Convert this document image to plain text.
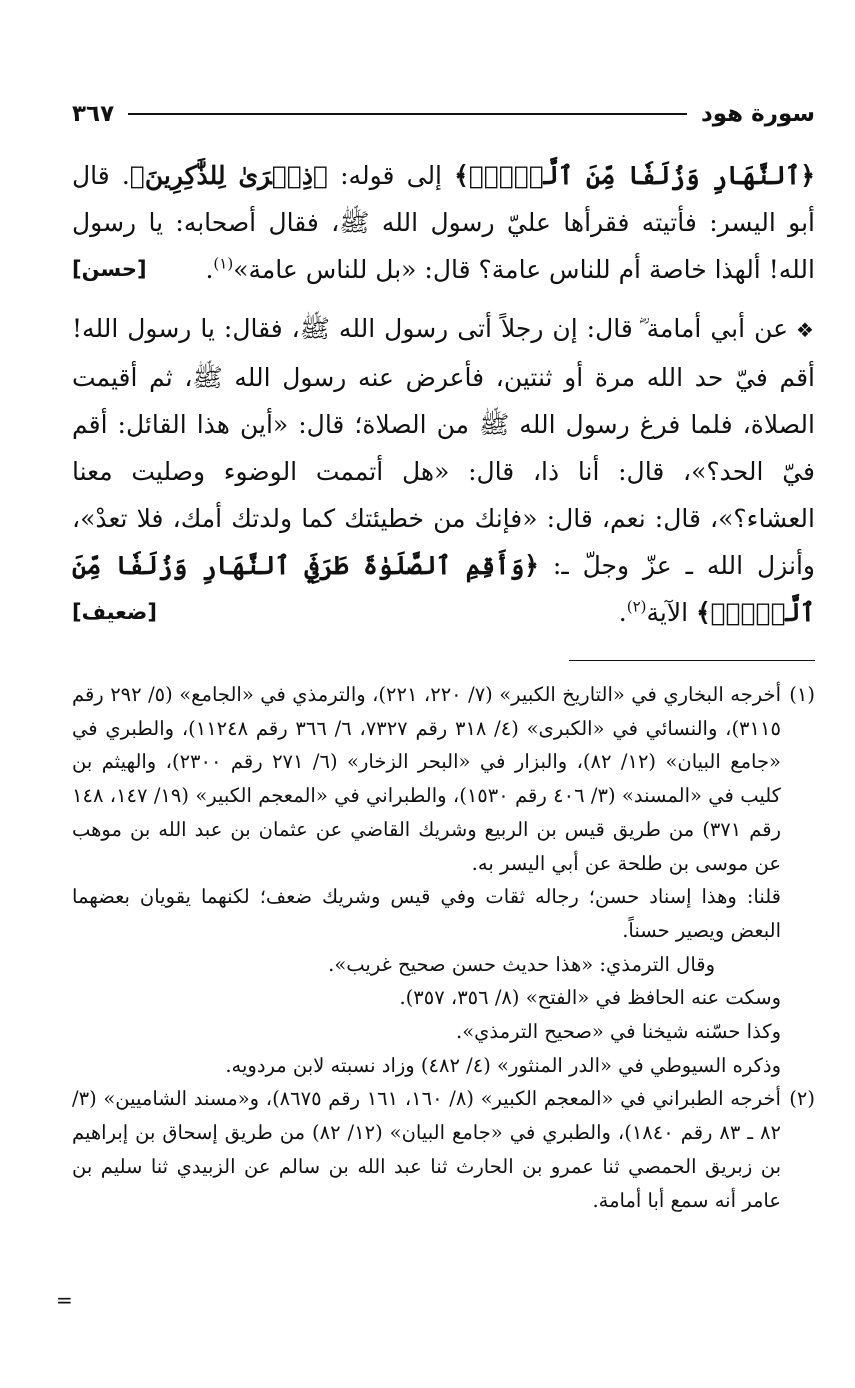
سورة هود
٣٦٧

﴿ٱلنَّهَارِ وَزُلَفٗا مِّنَ ٱلَّيۡلِۚ﴾ إلى قوله: ﴿ذِكۡرَىٰ لِلذَّٰكِرِينَ﴾. قال أبو اليسر: فأتيته فقرأها عليّ رسول الله ﷺ، فقال أصحابه: يا رسول الله! ألهذا خاصة أم للناس عامة؟ قال: «بل للناس عامة»$^{(١)}$.
[حسن]

❖عن أبي أمامة ؓ قال: إن رجلاً أتى رسول الله ﷺ، فقال: يا رسول الله! أقم فيّ حد الله مرة أو ثنتين، فأعرض عنه رسول الله ﷺ، ثم أقيمت الصلاة، فلما فرغ رسول الله ﷺ من الصلاة؛ قال: «أين هذا القائل: أقم فيّ الحد؟»، قال: أنا ذا، قال: «هل أتممت الوضوء وصليت معنا العشاء؟»، قال: نعم، قال: «فإنك من خطيئتك كما ولدتك أمك، فلا تعدْ»، وأنزل الله ـ عزّ وجلّ ـ: ﴿وَأَقِمِ ٱلصَّلَوٰةَ طَرَفَيِ ٱلنَّهَارِ وَزُلَفٗا مِّنَ ٱلَّيۡلِۚ﴾ الآية$^{(٢)}$.
[ضعيف]

(١)

أخرجه البخاري في «التاريخ الكبير» (٧/ ٢٢٠، ٢٢١)، والترمذي في «الجامع» (٥/ ٢٩٢ رقم ٣١١٥)، والنسائي في «الكبرى» (٤/ ٣١٨ رقم ٧٣٢٧، ٦/ ٣٦٦ رقم ١١٢٤٨)، والطبري في «جامع البيان» (١٢/ ٨٢)، والبزار في «البحر الزخار» (٦/ ٢٧١ رقم ٢٣٠٠)، والهيثم بن كليب في «المسند» (٣/ ٤٠٦ رقم ١٥٣٠)، والطبراني في «المعجم الكبير» (١٩/ ١٤٧، ١٤٨ رقم ٣٧١) من طريق قيس بن الربيع وشريك القاضي عن عثمان بن عبد الله بن موهب عن موسى بن طلحة عن أبي اليسر به.

قلنا: وهذا إسناد حسن؛ رجاله ثقات وفي قيس وشريك ضعف؛ لكنهما يقويان بعضهما البعض ويصير حسناً.

وقال الترمذي: «هذا حديث حسن صحيح غريب».

وسكت عنه الحافظ في «الفتح» (٨/ ٣٥٦، ٣٥٧).

وكذا حسّنه شيخنا في «صحيح الترمذي».

وذكره السيوطي في «الدر المنثور» (٤/ ٤٨٢) وزاد نسبته لابن مردويه.

(٢)

أخرجه الطبراني في «المعجم الكبير» (٨/ ١٦٠، ١٦١ رقم ٨٦٧٥)، و«مسند الشاميين» (٣/ ٨٢ ـ ٨٣ رقم ١٨٤٠)، والطبري في «جامع البيان» (١٢/ ٨٢) من طريق إسحاق بن إبراهيم بن زبريق الحمصي ثنا عمرو بن الحارث ثنا عبد الله بن سالم عن الزبيدي ثنا سليم بن عامر أنه سمع أبا أمامة.

=
